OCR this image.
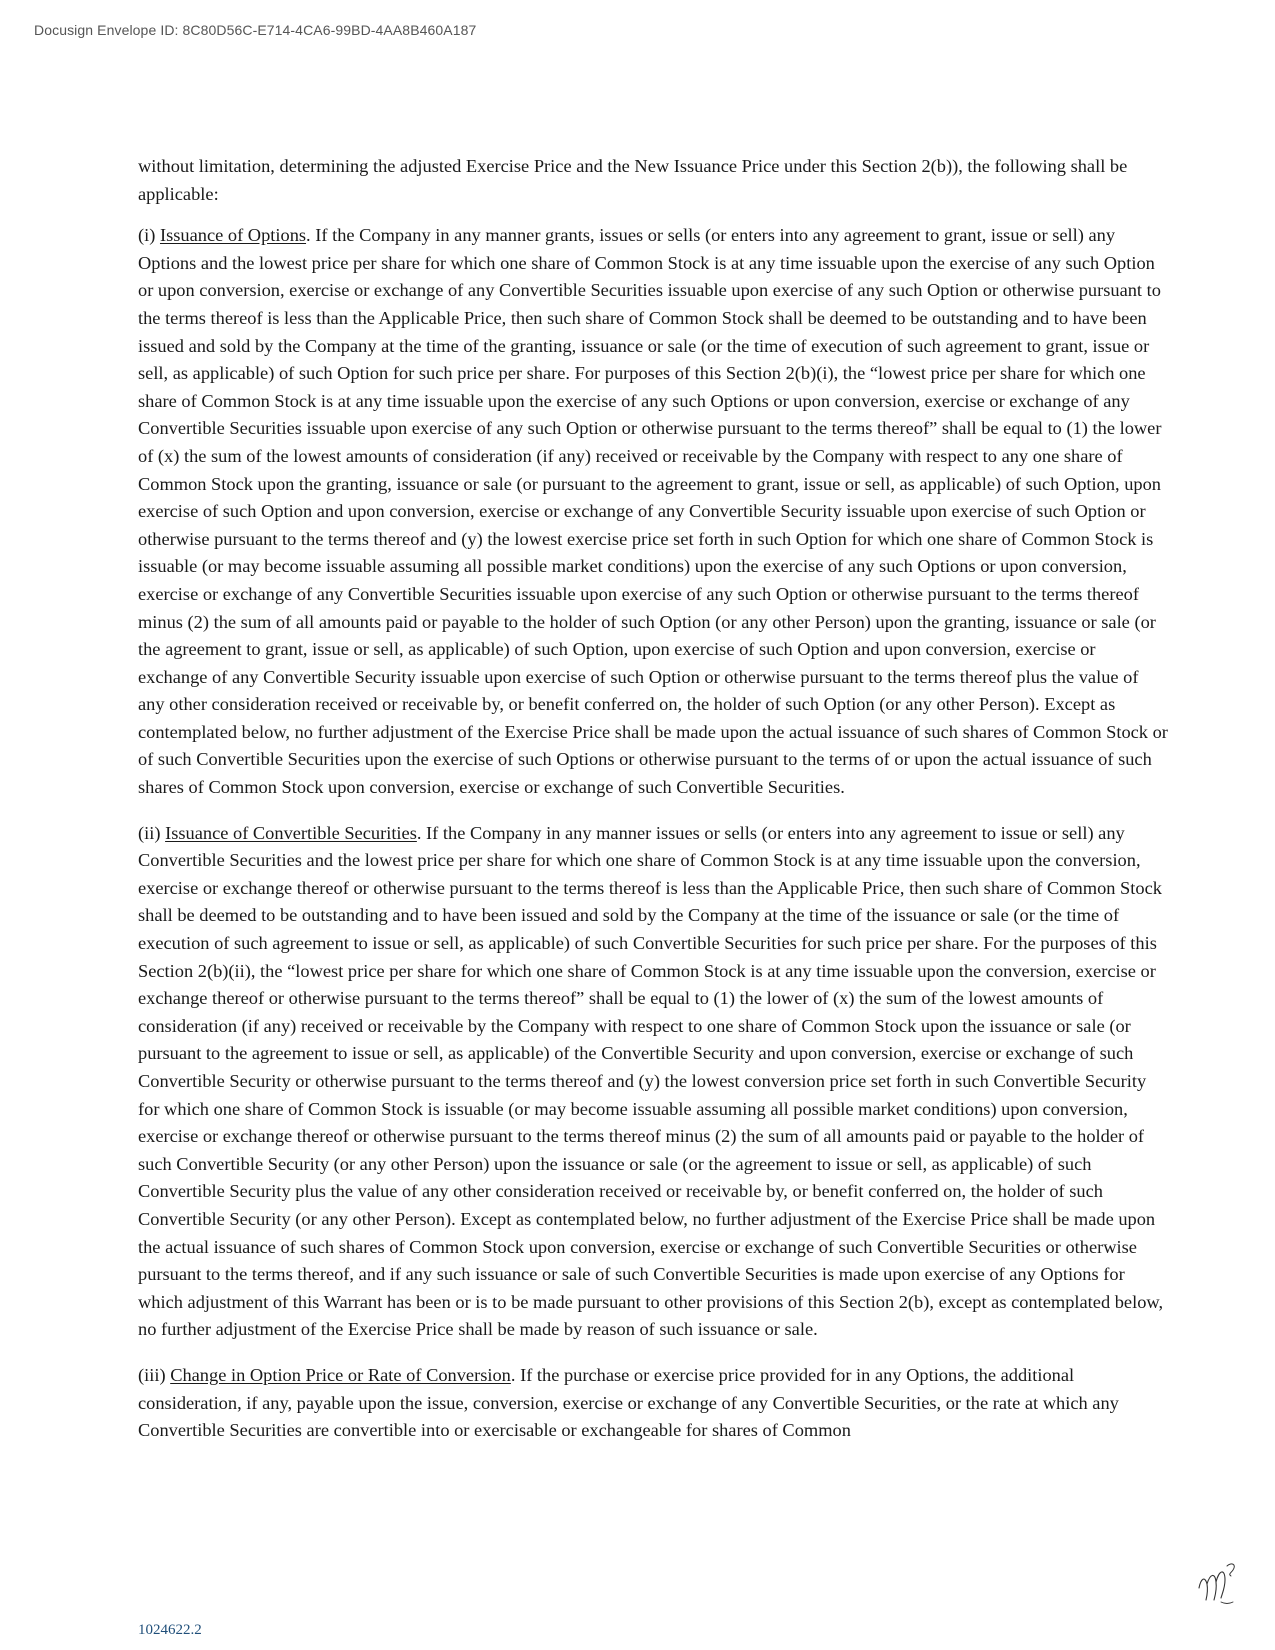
Docusign Envelope ID: 8C80D56C-E714-4CA6-99BD-4AA8B460A187

without limitation, determining the adjusted Exercise Price and the New Issuance Price under this Section 2(b)), the following shall be applicable:

(i) Issuance of Options. If the Company in any manner grants, issues or sells (or enters into any agreement to grant, issue or sell) any Options and the lowest price per share for which one share of Common Stock is at any time issuable upon the exercise of any such Option or upon conversion, exercise or exchange of any Convertible Securities issuable upon exercise of any such Option or otherwise pursuant to the terms thereof is less than the Applicable Price, then such share of Common Stock shall be deemed to be outstanding and to have been issued and sold by the Company at the time of the granting, issuance or sale (or the time of execution of such agreement to grant, issue or sell, as applicable) of such Option for such price per share. For purposes of this Section 2(b)(i), the “lowest price per share for which one share of Common Stock is at any time issuable upon the exercise of any such Options or upon conversion, exercise or exchange of any Convertible Securities issuable upon exercise of any such Option or otherwise pursuant to the terms thereof” shall be equal to (1) the lower of (x) the sum of the lowest amounts of consideration (if any) received or receivable by the Company with respect to any one share of Common Stock upon the granting, issuance or sale (or pursuant to the agreement to grant, issue or sell, as applicable) of such Option, upon exercise of such Option and upon conversion, exercise or exchange of any Convertible Security issuable upon exercise of such Option or otherwise pursuant to the terms thereof and (y) the lowest exercise price set forth in such Option for which one share of Common Stock is issuable (or may become issuable assuming all possible market conditions) upon the exercise of any such Options or upon conversion, exercise or exchange of any Convertible Securities issuable upon exercise of any such Option or otherwise pursuant to the terms thereof minus (2) the sum of all amounts paid or payable to the holder of such Option (or any other Person) upon the granting, issuance or sale (or the agreement to grant, issue or sell, as applicable) of such Option, upon exercise of such Option and upon conversion, exercise or exchange of any Convertible Security issuable upon exercise of such Option or otherwise pursuant to the terms thereof plus the value of any other consideration received or receivable by, or benefit conferred on, the holder of such Option (or any other Person). Except as contemplated below, no further adjustment of the Exercise Price shall be made upon the actual issuance of such shares of Common Stock or of such Convertible Securities upon the exercise of such Options or otherwise pursuant to the terms of or upon the actual issuance of such shares of Common Stock upon conversion, exercise or exchange of such Convertible Securities.

(ii) Issuance of Convertible Securities. If the Company in any manner issues or sells (or enters into any agreement to issue or sell) any Convertible Securities and the lowest price per share for which one share of Common Stock is at any time issuable upon the conversion, exercise or exchange thereof or otherwise pursuant to the terms thereof is less than the Applicable Price, then such share of Common Stock shall be deemed to be outstanding and to have been issued and sold by the Company at the time of the issuance or sale (or the time of execution of such agreement to issue or sell, as applicable) of such Convertible Securities for such price per share. For the purposes of this Section 2(b)(ii), the “lowest price per share for which one share of Common Stock is at any time issuable upon the conversion, exercise or exchange thereof or otherwise pursuant to the terms thereof” shall be equal to (1) the lower of (x) the sum of the lowest amounts of consideration (if any) received or receivable by the Company with respect to one share of Common Stock upon the issuance or sale (or pursuant to the agreement to issue or sell, as applicable) of the Convertible Security and upon conversion, exercise or exchange of such Convertible Security or otherwise pursuant to the terms thereof and (y) the lowest conversion price set forth in such Convertible Security for which one share of Common Stock is issuable (or may become issuable assuming all possible market conditions) upon conversion, exercise or exchange thereof or otherwise pursuant to the terms thereof minus (2) the sum of all amounts paid or payable to the holder of such Convertible Security (or any other Person) upon the issuance or sale (or the agreement to issue or sell, as applicable) of such Convertible Security plus the value of any other consideration received or receivable by, or benefit conferred on, the holder of such Convertible Security (or any other Person). Except as contemplated below, no further adjustment of the Exercise Price shall be made upon the actual issuance of such shares of Common Stock upon conversion, exercise or exchange of such Convertible Securities or otherwise pursuant to the terms thereof, and if any such issuance or sale of such Convertible Securities is made upon exercise of any Options for which adjustment of this Warrant has been or is to be made pursuant to other provisions of this Section 2(b), except as contemplated below, no further adjustment of the Exercise Price shall be made by reason of such issuance or sale.

(iii) Change in Option Price or Rate of Conversion. If the purchase or exercise price provided for in any Options, the additional consideration, if any, payable upon the issue, conversion, exercise or exchange of any Convertible Securities, or the rate at which any Convertible Securities are convertible into or exercisable or exchangeable for shares of Common

1024622.2
